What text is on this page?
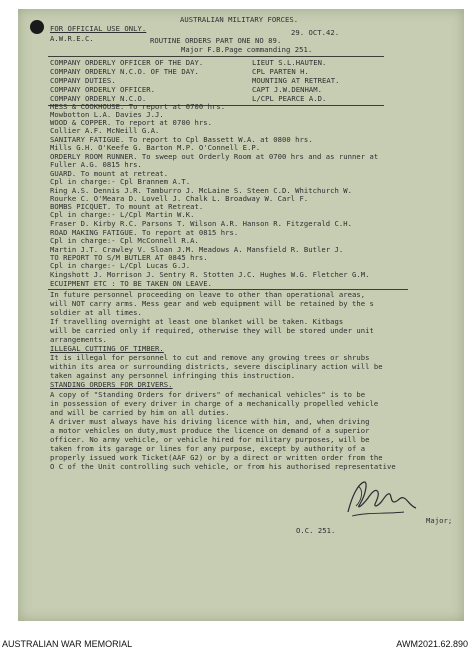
AUSTRALIAN MILITARY FORCES.
FOR OFFICIAL USE ONLY.	29. OCT.42.
A.W.R.E.C.	ROUTINE ORDERS PART ONE NO 89.
Major F.B.Page commanding 251.
COMPANY ORDERLY OFFICER OF THE DAY.	LIEUT S.L.HAUTEN.
COMPANY ORDERLY N.C.O. OF THE DAY.	CPL PARTEN H.
COMPANY DUTIES.	MOUNTING AT RETREAT.
COMPANY ORDERLY OFFICER.	CAPT J.W.DENHAM.
COMPANY ORDERLY N.C.O.	L/CPL PEARCE A.D.
MESS & COOKHOUSE. To report at 0700 hrs.
Mowbotton L.A. Davies J.J.
WOOD & COPPER. To report at 0700 hrs.
Collier A.F. McNeill G.A.
SANITARY FATIGUE. To report to Cpl Bassett W.A. at 0800 hrs.
Mills G.H. O'Keefe G. Barton M.P. O'Connell E.P.
ORDERLY ROOM RUNNER. To sweep out Orderly Room at 0700 hrs and as runner at
Fuller A.G. 0815 hrs.
GUARD. To mount at retreat.
Cpl in charge:- Cpl Brannem A.T.
Ring A.S. Dennis J.R. Tamburro J. McLaine S. Steen C.D. Whitchurch W.
Rourke C. O'Meara D. Lovell J. Chalk L. Broadway W. Carl F.
BOMBS PICQUET. To mount at Retreat.
Cpl in charge:- L/Cpl Martin W.K.
Fraser D. Kirby R.C. Parsons T. Wilson A.R. Hanson R. Fitzgerald C.H.
ROAD MAKING FATIGUE. To report at 0815 hrs.
Cpl in charge:- Cpl McConnell R.A.
Martin J.T. Crawley V. Sloan J.M. Meadows A. Mansfield R. Butler J.
TO REPORT TO S/M BUTLER AT 0845 hrs.
Cpl in charge:- L/Cpl Lucas G.J.
Kingshott J. Morrison J. Sentry R. Stotten J.C. Hughes W.G. Fletcher G.M.
ECUIPMENT ETC : TO BE TAKEN ON LEAVE.
In future personnel proceeding on leave to other than operational areas,
will NOT carry arms. Mess gear and web equipment will be retained by the s
soldier at all times.
If travelling overnight at least one blanket will be taken. Kitbags
will be carried only if required, otherwise they will be stored under unit
arrangements.
ILLEGAL CUTTING OF TIMBER.
It is illegal for personnel to cut and remove any growing trees or shrubs
within its area or surrounding districts, severe disciplinary action will be
taken against any personnel infringing this instruction.
STANDING ORDERS FOR DRIVERS.
A copy of "Standing Orders for drivers" of mechanical vehicles" is to be
in possession of every driver in charge of a mechanically propelled vehicle
and will be carried by him on all duties.
A driver must always have his driving licence with him, and, when driving
a motor vehicles on duty,must produce the licence on demand of a superior
officer. No army vehicle, or vehicle hired for military purposes, will be
taken from its garage or lines for any purpose, except by authority of a
properly issued work Ticket(AAF G2) or by a direct or written order from the
O C of the Unit controlling such vehicle, or from his authorised representative
Major;
O.C. 251.
AUSTRALIAN WAR MEMORIAL	AWM2021.62.890
